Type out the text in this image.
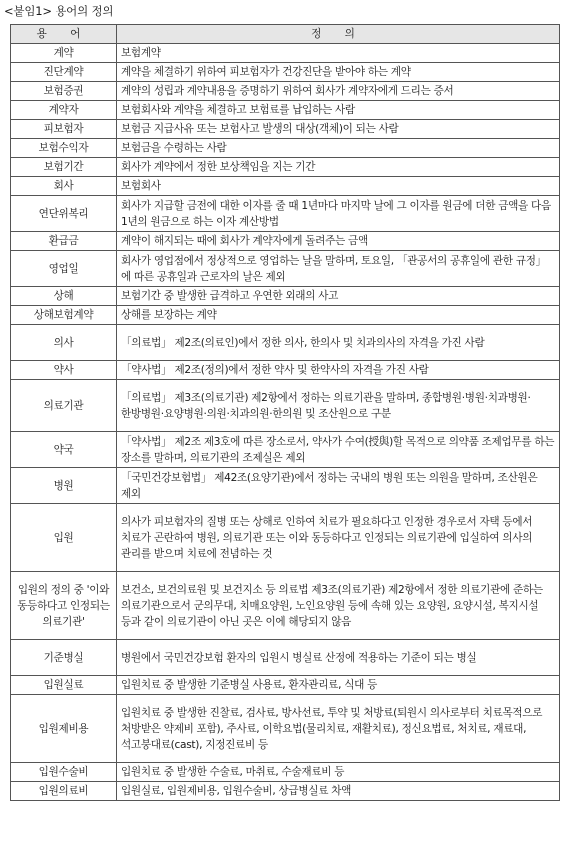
<붙임1> 용어의 정의
용 어	정 의
계약	보험계약
진단계약	계약을 체결하기 위하여 피보험자가 건강진단을 받아야 하는 계약
보험증권	계약의 성립과 계약내용을 증명하기 위하여 회사가 계약자에게 드리는 증서
계약자	보험회사와 계약을 체결하고 보험료를 납입하는 사람
피보험자	보험금 지급사유 또는 보험사고 발생의 대상(객체)이 되는 사람
보험수익자	보험금을 수령하는 사람
보험기간	회사가 계약에서 정한 보상책임을 지는 기간
회사	보험회사
연단위복리	회사가 지급할 금전에 대한 이자를 줄 때 1년마다 마지막 날에 그 이자를 원금에 더한 금액을 다음 1년의 원금으로 하는 이자 계산방법
환급금	계약이 해지되는 때에 회사가 계약자에게 돌려주는 금액
영업일	회사가 영업점에서 정상적으로 영업하는 날을 말하며, 토요일, 「관공서의 공휴일에 관한 규정」에 따른 공휴일과 근로자의 날은 제외
상해	보험기간 중 발생한 급격하고 우연한 외래의 사고
상해보험계약	상해를 보장하는 계약
의사	「의료법」 제2조(의료인)에서 정한 의사, 한의사 및 치과의사의 자격을 가진 사람
약사	「약사법」 제2조(정의)에서 정한 약사 및 한약사의 자격을 가진 사람
의료기관	「의료법」 제3조(의료기관) 제2항에서 정하는 의료기관을 말하며, 종합병원·병원·치과병원·한방병원·요양병원·의원·치과의원·한의원 및 조산원으로 구분
약국	「약사법」 제2조 제3호에 따른 장소로서, 약사가 수여(授與)할 목적으로 의약품 조제업무를 하는 장소를 말하며, 의료기관의 조제실은 제외
병원	「국민건강보험법」 제42조(요양기관)에서 정하는 국내의 병원 또는 의원을 말하며, 조산원은 제외
입원	의사가 피보험자의 질병 또는 상해로 인하여 치료가 필요하다고 인정한 경우로서 자택 등에서 치료가 곤란하여 병원, 의료기관 또는 이와 동등하다고 인정되는 의료기관에 입실하여 의사의 관리를 받으며 치료에 전념하는 것
입원의 정의 중 '이와 동등하다고 인정되는 의료기관'	보건소, 보건의료원 및 보건지소 등 의료법 제3조(의료기관) 제2항에서 정한 의료기관에 준하는 의료기관으로서 군의무대, 치매요양원, 노인요양원 등에 속해 있는 요양원, 요양시설, 복지시설 등과 같이 의료기관이 아닌 곳은 이에 해당되지 않음
기준병실	병원에서 국민건강보험 환자의 입원시 병실료 산정에 적용하는 기준이 되는 병실
입원실료	입원치료 중 발생한 기준병실 사용료, 환자관리료, 식대 등
입원제비용	입원치료 중 발생한 진찰료, 검사료, 방사선료, 투약 및 처방료(퇴원시 의사로부터 치료목적으로 처방받은 약제비 포함), 주사료, 이학요법(물리치료, 재활치료), 정신요법료, 처치료, 재료대, 석고붕대료(cast), 지정진료비 등
입원수술비	입원치료 중 발생한 수술료, 마취료, 수술재료비 등
입원의료비	입원실료, 입원제비용, 입원수술비, 상급병실료 차액
